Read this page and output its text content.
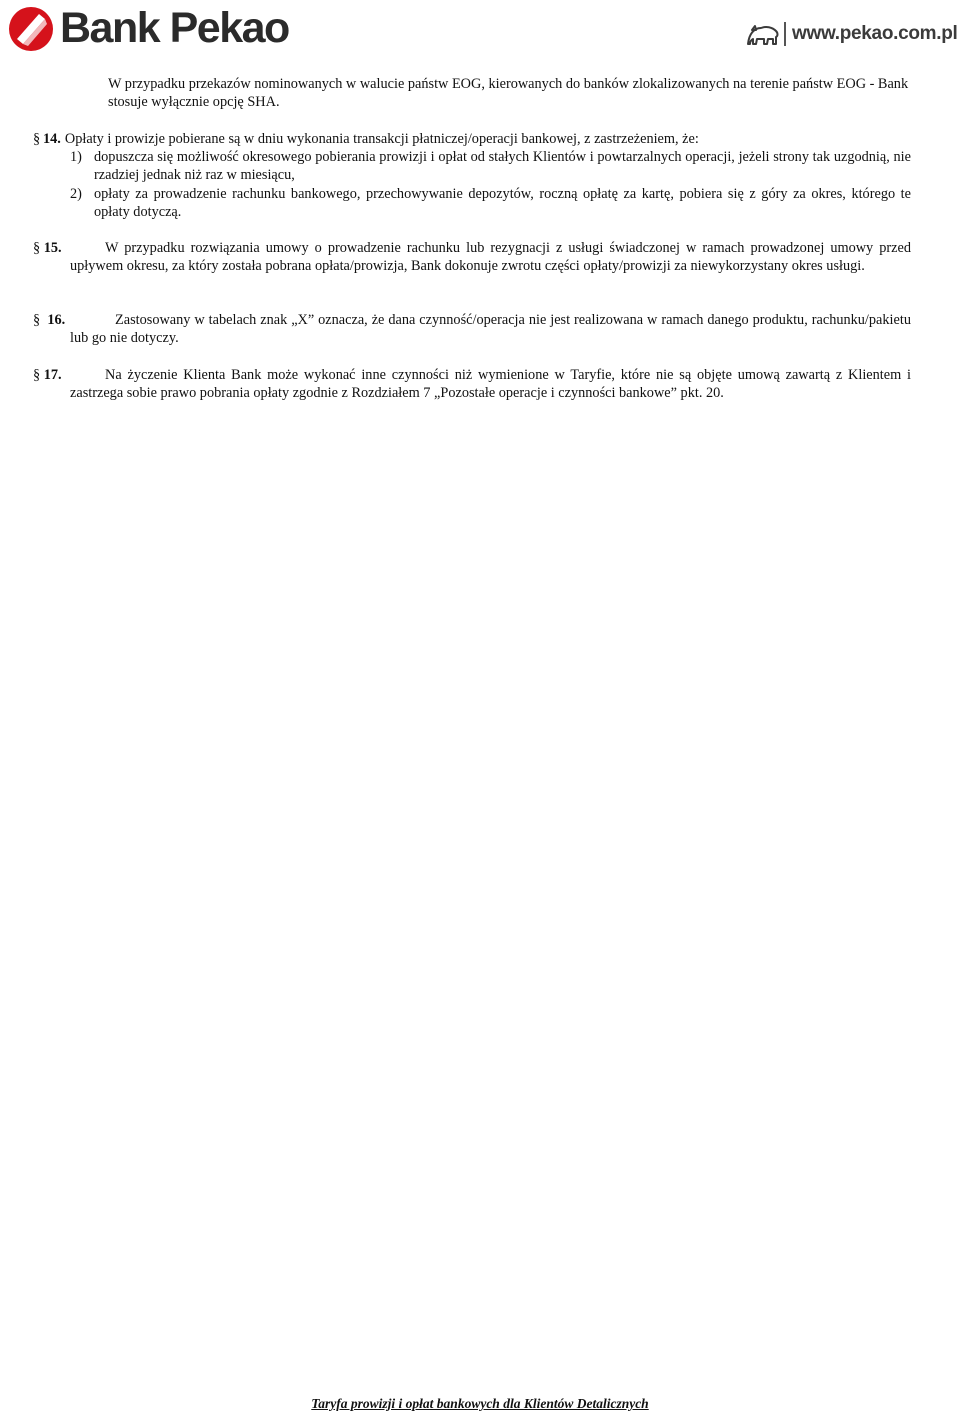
Bank Pekao	www.pekao.com.pl
W przypadku przekazów nominowanych w walucie państw EOG, kierowanych do banków zlokalizowanych na terenie państw EOG - Bank stosuje wyłącznie opcję SHA.
§ 14. Opłaty i prowizje pobierane są w dniu wykonania transakcji płatniczej/operacji bankowej, z zastrzeżeniem, że:
1) dopuszcza się możliwość okresowego pobierania prowizji i opłat od stałych Klientów i powtarzalnych operacji, jeżeli strony tak uzgodnią, nie rzadziej jednak niż raz w miesiącu,
2) opłaty za prowadzenie rachunku bankowego, przechowywanie depozytów, roczną opłatę za kartę, pobiera się z góry za okres, którego te opłaty dotyczą.
§ 15.	W przypadku rozwiązania umowy o prowadzenie rachunku lub rezygnacji z usługi świadczonej w ramach prowadzonej umowy przed upływem okresu, za który została pobrana opłata/prowizja, Bank dokonuje zwrotu części opłaty/prowizji za niewykorzystany okres usługi.
§ 16.	Zastosowany w tabelach znak „X” oznacza, że dana czynność/operacja nie jest realizowana w ramach danego produktu, rachunku/pakietu lub go nie dotyczy.
§ 17.	Na życzenie Klienta Bank może wykonać inne czynności niż wymienione w Taryfie, które nie są objęte umową zawartą z Klientem i zastrzega sobie prawo pobrania opłaty zgodnie z Rozdziałem 7 „Pozostałe operacje i czynności bankowe” pkt. 20.
Taryfa prowizji i opłat bankowych dla Klientów Detalicznych
